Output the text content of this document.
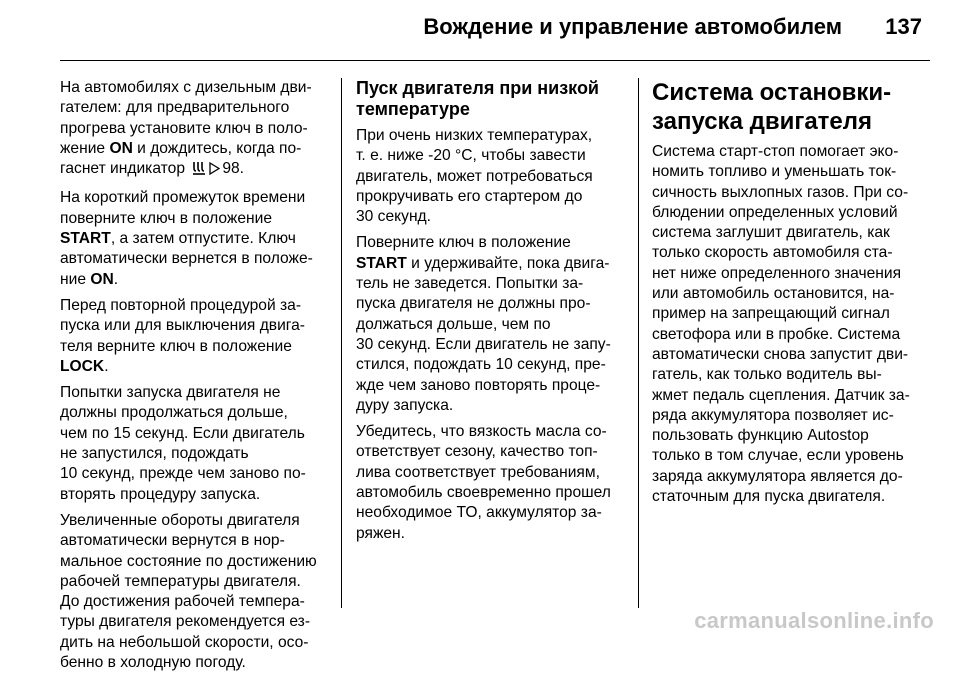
Вождение и управление автомобилем 137

На автомобилях с дизельным дви-
гателем: для предварительного
прогрева установите ключ в поло-
жение ON и дождитесь, когда по-
гаснет индикатор 98.

На короткий промежуток времени
поверните ключ в положение
START, а затем отпустите. Ключ
автоматически вернется в положе-
ние ON.

Перед повторной процедурой за-
пуска или для выключения двига-
теля верните ключ в положение
LOCK.

Попытки запуска двигателя не
должны продолжаться дольше,
чем по 15 секунд. Если двигатель
не запустился, подождать
10 секунд, прежде чем заново по-
вторять процедуру запуска.

Увеличенные обороты двигателя
автоматически вернутся в нор-
мальное состояние по достижению
рабочей температуры двигателя.
До достижения рабочей темпера-
туры двигателя рекомендуется ез-
дить на небольшой скорости, осо-
бенно в холодную погоду.

Пуск двигателя при низкой
температуре

При очень низких температурах,
т. е. ниже -20 °C, чтобы завести
двигатель, может потребоваться
прокручивать его стартером до
30 секунд.

Поверните ключ в положение
START и удерживайте, пока двига-
тель не заведется. Попытки за-
пуска двигателя не должны про-
должаться дольше, чем по
30 секунд. Если двигатель не запу-
стился, подождать 10 секунд, пре-
жде чем заново повторять проце-
дуру запуска.

Убедитесь, что вязкость масла со-
ответствует сезону, качество топ-
лива соответствует требованиям,
автомобиль своевременно прошел
необходимое ТО, аккумулятор за-
ряжен.

Система остановки-
запуска двигателя

Система старт-стоп помогает эко-
номить топливо и уменьшать ток-
сичность выхлопных газов. При со-
блюдении определенных условий
система заглушит двигатель, как
только скорость автомобиля ста-
нет ниже определенного значения
или автомобиль остановится, на-
пример на запрещающий сигнал
светофора или в пробке. Система
автоматически снова запустит дви-
гатель, как только водитель вы-
жмет педаль сцепления. Датчик за-
ряда аккумулятора позволяет ис-
пользовать функцию Autostop
только в том случае, если уровень
заряда аккумулятора является до-
статочным для пуска двигателя.

carmanualsonline.info
